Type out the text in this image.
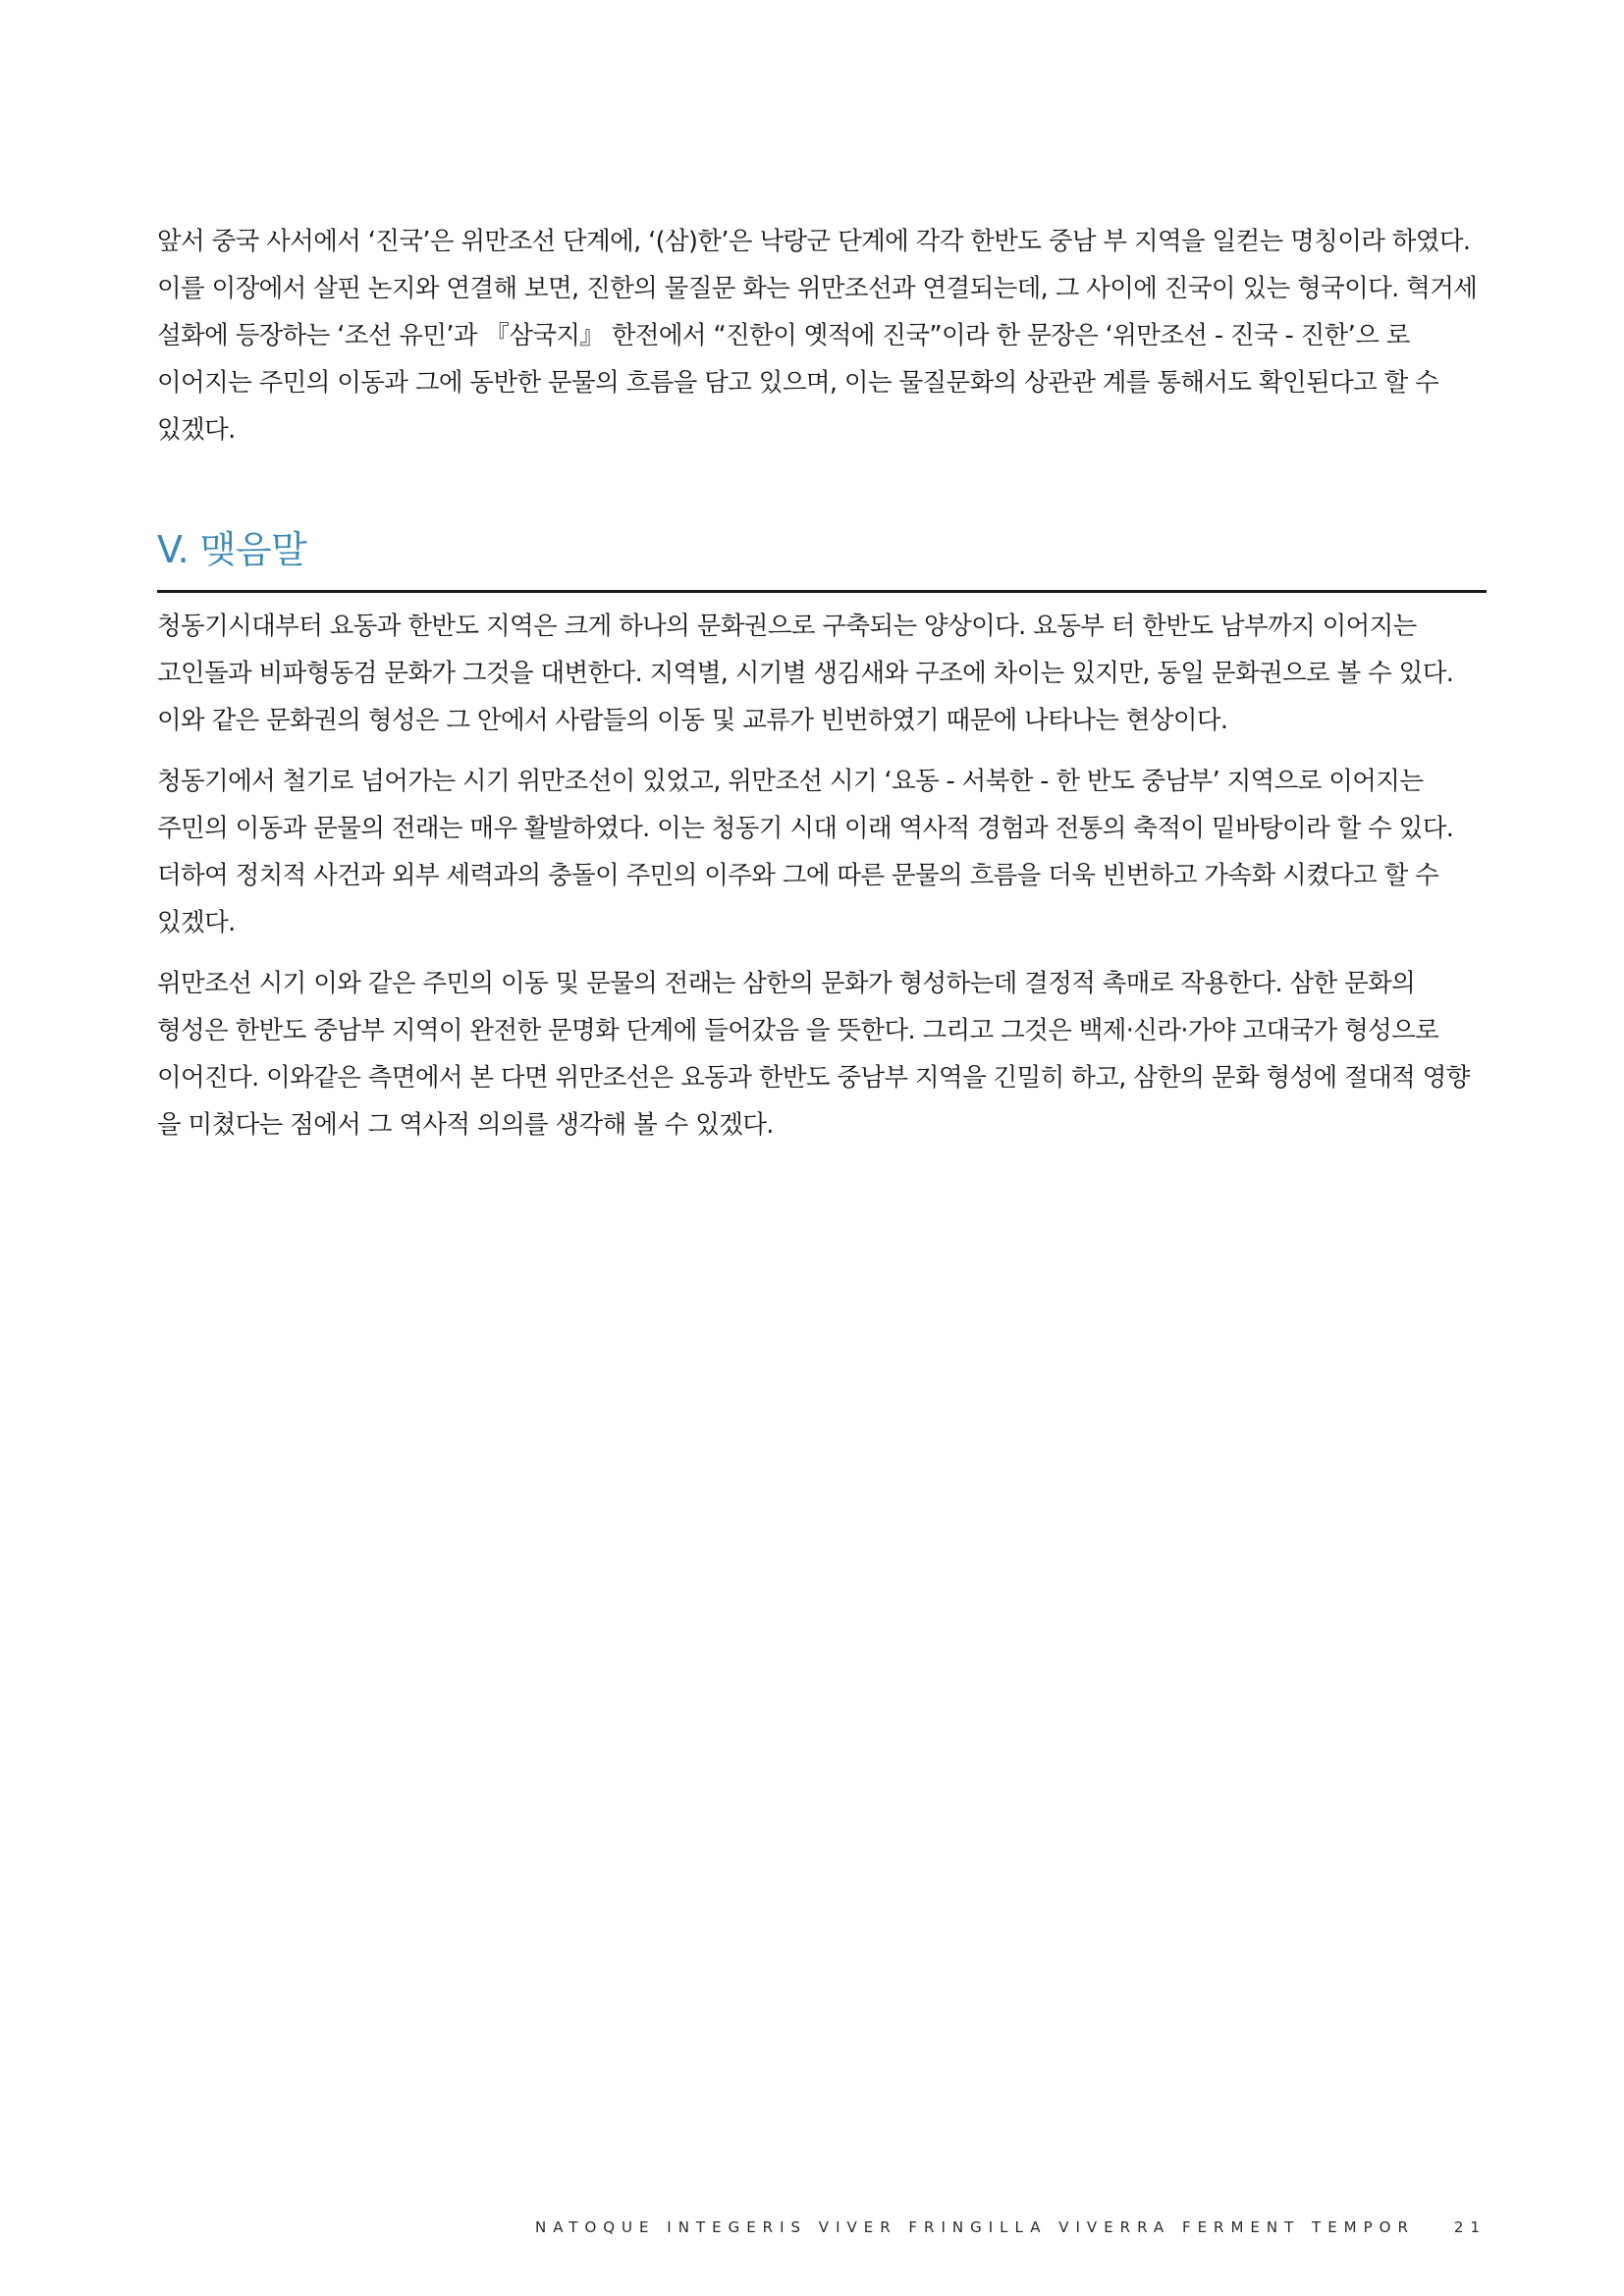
앞서 중국 사서에서 ‘진국’은 위만조선 단계에, ‘(삼)한’은 낙랑군 단계에 각각 한반도 중남 부 지역을 일컫는 명칭이라 하였다. 이를 이장에서 살핀 논지와 연결해 보면, 진한의 물질문 화는 위만조선과 연결되는데, 그 사이에 진국이 있는 형국이다. 혁거세 설화에 등장하는 ‘조선 유민’과 『삼국지』 한전에서 “진한이 옛적에 진국”이라 한 문장은 ‘위만조선 - 진국 - 진한’으 로 이어지는 주민의 이동과 그에 동반한 문물의 흐름을 담고 있으며, 이는 물질문화의 상관관 계를 통해서도 확인된다고 할 수 있겠다.

V. 맺음말

청동기시대부터 요동과 한반도 지역은 크게 하나의 문화권으로 구축되는 양상이다. 요동부 터 한반도 남부까지 이어지는 고인돌과 비파형동검 문화가 그것을 대변한다. 지역별, 시기별 생김새와 구조에 차이는 있지만, 동일 문화권으로 볼 수 있다. 이와 같은 문화권의 형성은 그 안에서 사람들의 이동 및 교류가 빈번하였기 때문에 나타나는 현상이다.

청동기에서 철기로 넘어가는 시기 위만조선이 있었고, 위만조선 시기 ‘요동 - 서북한 - 한 반도 중남부’ 지역으로 이어지는 주민의 이동과 문물의 전래는 매우 활발하였다. 이는 청동기 시대 이래 역사적 경험과 전통의 축적이 밑바탕이라 할 수 있다. 더하여 정치적 사건과 외부 세력과의 충돌이 주민의 이주와 그에 따른 문물의 흐름을 더욱 빈번하고 가속화 시켰다고 할 수 있겠다.

위만조선 시기 이와 같은 주민의 이동 및 문물의 전래는 삼한의 문화가 형성하는데 결정적 촉매로 작용한다. 삼한 문화의 형성은 한반도 중남부 지역이 완전한 문명화 단계에 들어갔음 을 뜻한다. 그리고 그것은 백제·신라·가야 고대국가 형성으로 이어진다. 이와같은 측면에서 본 다면 위만조선은 요동과 한반도 중남부 지역을 긴밀히 하고, 삼한의 문화 형성에 절대적 영향 을 미쳤다는 점에서 그 역사적 의의를 생각해 볼 수 있겠다.

NATOQUE INTEGERIS VIVER FRINGILLA VIVERRA FERMENT TEMPOR	21
